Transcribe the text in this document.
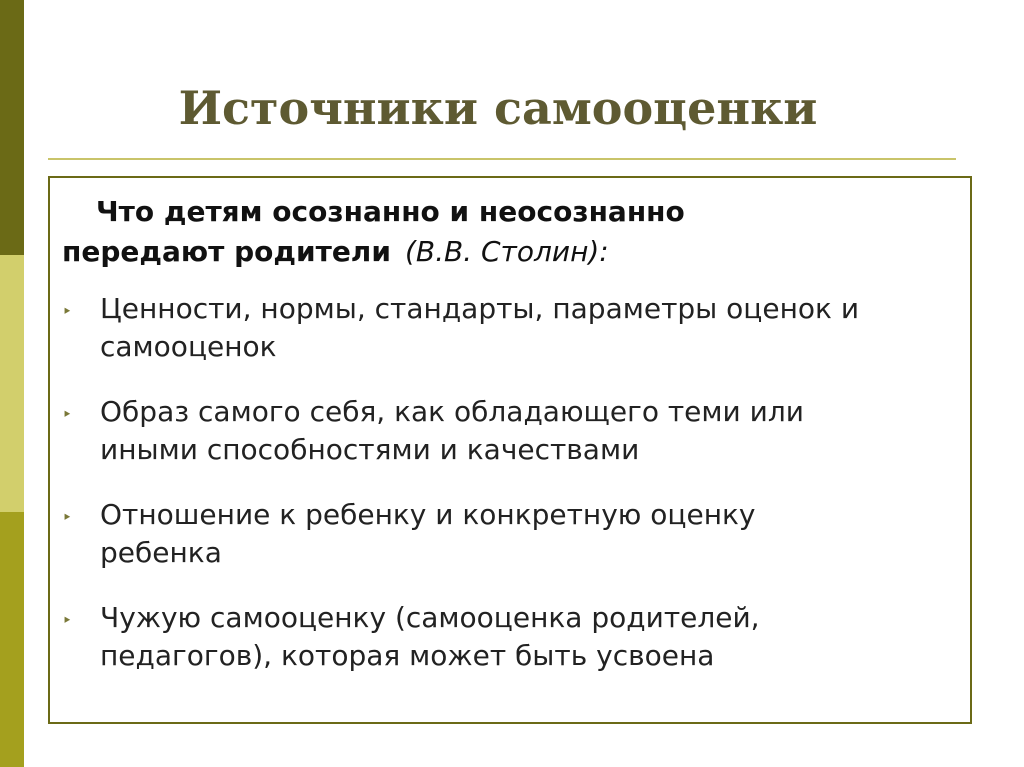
Источники самооценки

Что детям осознанно и неосознанно
передают родители (В.В. Столин):

‣ Ценности, нормы, стандарты, параметры оценок и
самооценок
‣ Образ самого себя, как обладающего теми или
иными способностями и качествами
‣ Отношение к ребенку и конкретную оценку
ребенка
‣ Чужую самооценку (самооценка родителей,
педагогов), которая может быть усвоена
